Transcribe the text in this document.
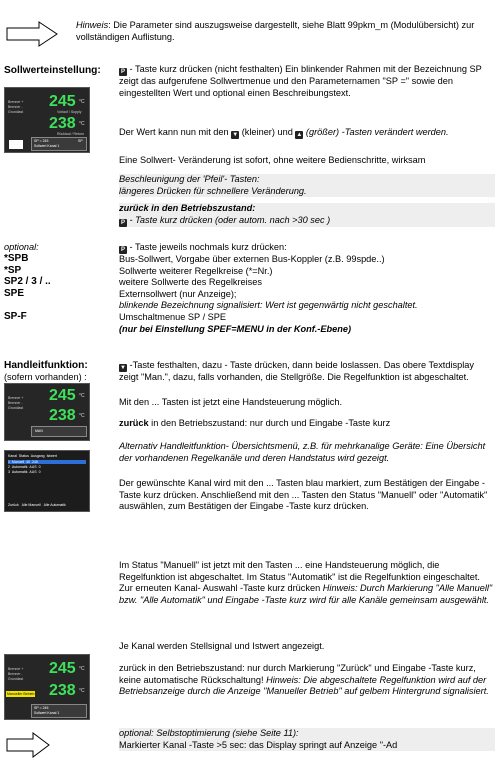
Hinweis: Die Parameter sind auszugsweise dargestellt, siehe Blatt 99pkm_m (Modulübersicht) zur vollständigen Auflistung.
Sollwerteinstellung:	P - Taste kurz drücken (nicht festhalten) Ein blinkender Rahmen mit der Bezeichnung SP zeigt das aufgerufene Sollwertmenue und den Parameternamen "SP =" sowie den eingestellten Wert und optional einen Beschreibungstext.
Brenner +
Brenner -
Grundlast
245 °C
Vorlauf / Supply
238 °C
Rücklauf / Return
SP = 245
Sollwert Kanal 1
SP
Der Wert kann nun mit den ▼ (kleiner) und ▲ (größer) -Tasten verändert werden.
Eine Sollwert- Veränderung ist sofort, ohne weitere Bedienschritte, wirksam
Beschleunigung der 'Pfeil'- Tasten:
längeres Drücken für schnellere Veränderung.
zurück in den Betriebszustand:
P - Taste kurz drücken (oder autom. nach >30 sec )
optional:
*SPB
*SP
SP2 / 3 / ..
SPE
SP-F
P - Taste jeweils nochmals kurz drücken:
Bus-Sollwert, Vorgabe über externen Bus-Koppler (z.B. 99spde..)
Sollwerte weiterer Regelkreise (*=Nr.)
weitere Sollwerte des Regelkreises
Externsollwert (nur Anzeige);
blinkende Bezeichnung signalisiert: Wert ist gegenwärtig nicht geschaltet.
Umschaltmenue SP / SPE
(nur bei Einstellung SPEF=MENU in der Konf.-Ebene)
Handleitfunktion:
(sofern vorhanden) :
▼ -Taste festhalten, dazu - Taste drücken, dann beide loslassen. Das obere Textdisplay zeigt "Man.", dazu, falls vorhanden, die Stellgröße. Die Regelfunktion ist abgeschaltet.
Brenner +
Brenner -
Grundlast
245 °C
238 °C
MAN
Mit den ... Tasten ist jetzt eine Handsteuerung möglich.
zurück in den Betriebszustand: nur durch und Eingabe -Taste kurz
Alternativ Handleitfunktion- Übersichtsmenü, z.B. für mehrkanalige Geräte: Eine Übersicht der vorhandenen Regelkanäle und deren Handstatus wird gezeigt.
Kanal Status Ausgang Istwert
1 Manuell 40 245
2 Automatik AUS 0
3 Automatik AUS 0
Zurück Alle Manuell Alle Automatik
Der gewünschte Kanal wird mit den ... Tasten blau markiert, zum Bestätigen der Eingabe -Taste kurz drücken. Anschließend mit den ... Tasten den Status "Manuell" oder "Automatik" auswählen, zum Bestätigen der Eingabe -Taste kurz drücken.
Im Status "Manuell" ist jetzt mit den Tasten ... eine Handsteuerung möglich, die Regelfunktion ist abgeschaltet. Im Status "Automatik" ist die Regelfunktion eingeschaltet. Zur erneuten Kanal- Auswahl -Taste kurz drücken Hinweis: Durch Markierung "Alle Manuell" bzw. "Alle Automatik" und Eingabe -Taste kurz wird für alle Kanäle gemeinsam ausgewählt.
Je Kanal werden Stellsignal und Istwert angezeigt.
Brenner +
Brenner -
Grundlast
245 °C
Manueller Betrieb 238 °C
SP = 245
Sollwert Kanal 1
zurück in den Betriebszustand: nur durch Markierung "Zurück" und Eingabe -Taste kurz, keine automatische Rückschaltung! Hinweis: Die abgeschaltete Regelfunktion wird auf der Betriebsanzeige durch die Anzeige "Manueller Betrieb" auf gelbem Hintergrund signalisiert.
optional: Selbstoptimierung (siehe Seite 11):
Markierter Kanal -Taste >5 sec: das Display springt auf Anzeige "-Ad
